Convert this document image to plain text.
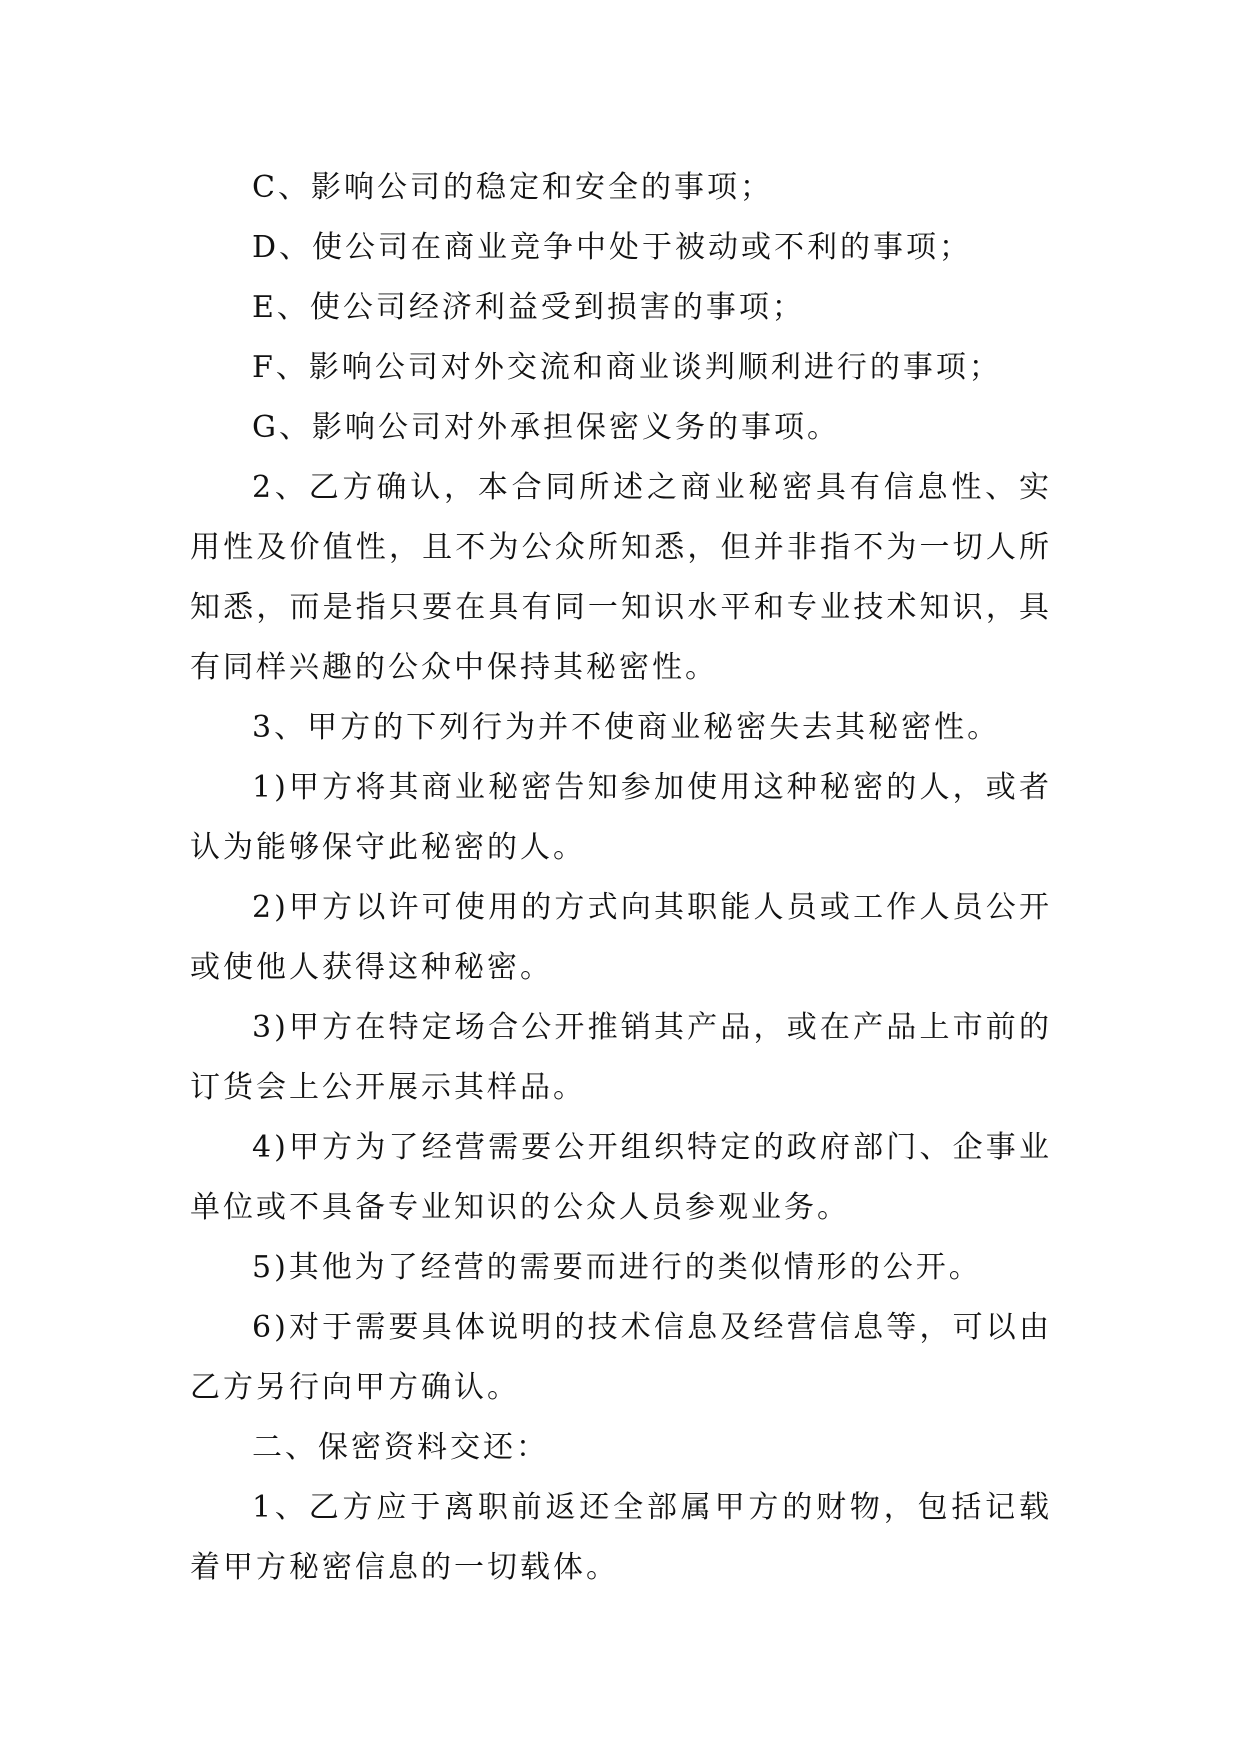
C、影响公司的稳定和安全的事项；

D、使公司在商业竞争中处于被动或不利的事项；

E、使公司经济利益受到损害的事项；

F、影响公司对外交流和商业谈判顺利进行的事项；

G、影响公司对外承担保密义务的事项。

2、乙方确认，本合同所述之商业秘密具有信息性、实用性及价值性，且不为公众所知悉，但并非指不为一切人所知悉，而是指只要在具有同一知识水平和专业技术知识，具有同样兴趣的公众中保持其秘密性。

3、甲方的下列行为并不使商业秘密失去其秘密性。

1)甲方将其商业秘密告知参加使用这种秘密的人，或者认为能够保守此秘密的人。

2)甲方以许可使用的方式向其职能人员或工作人员公开或使他人获得这种秘密。

3)甲方在特定场合公开推销其产品，或在产品上市前的订货会上公开展示其样品。

4)甲方为了经营需要公开组织特定的政府部门、企事业单位或不具备专业知识的公众人员参观业务。

5)其他为了经营的需要而进行的类似情形的公开。

6)对于需要具体说明的技术信息及经营信息等，可以由乙方另行向甲方确认。

二、保密资料交还：

1、乙方应于离职前返还全部属甲方的财物，包括记载着甲方秘密信息的一切载体。
